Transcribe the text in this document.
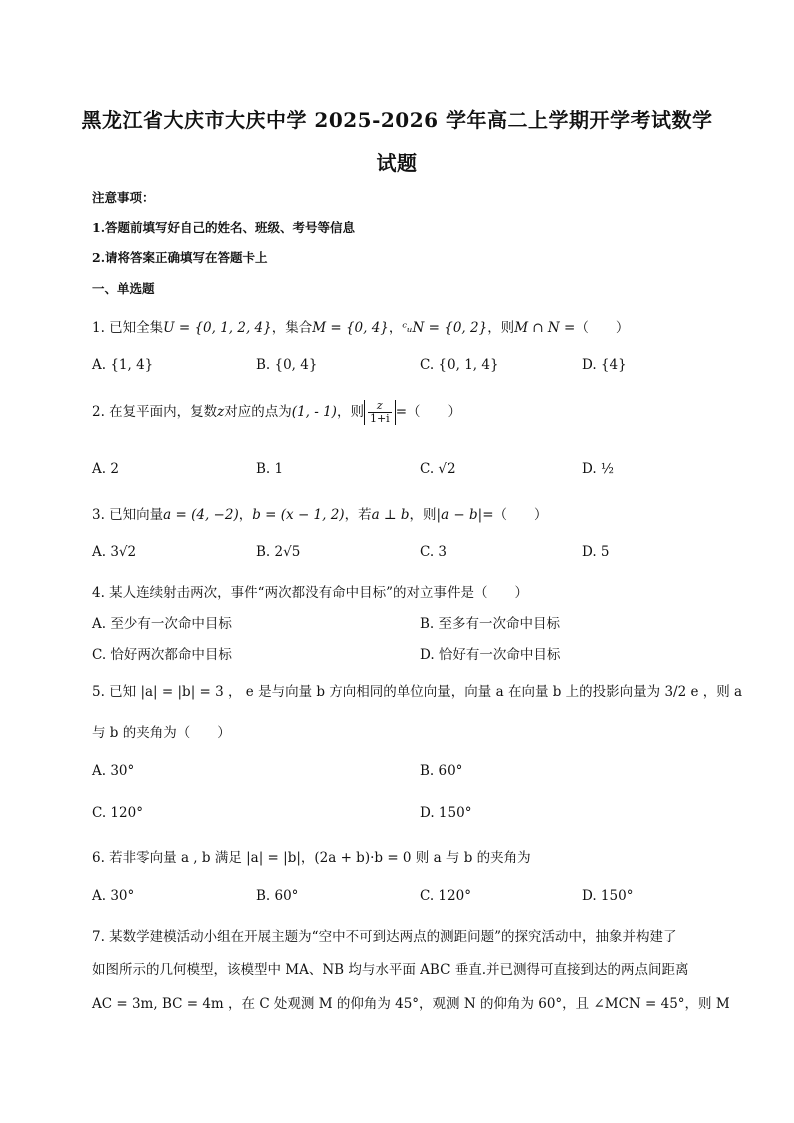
黑龙江省大庆市大庆中学 2025-2026 学年高二上学期开学考试数学
试题
注意事项：
1.答题前填写好自己的姓名、班级、考号等信息
2.请将答案正确填写在答题卡上
一、单选题
1. 已知全集U = {0, 1, 2, 4}，集合M = {0, 4}，ᶜᵤN = {0, 2}，则M ∩ N =（　　）
A. {1, 4}	B. {0, 4}	C. {0, 1, 4}	D. {4}
2. 在复平面内，复数z对应的点为(1, - 1)，则 $\frac{z}{1+i}$ =（　　）
A. 2	B. 1	C. √2	D. ½
3. 已知向量a = (4, −2)，b = (x − 1, 2)，若a ⊥ b，则|a − b|=（　　）
A. 3√2	B. 2√5	C. 3	D. 5
4. 某人连续射击两次，事件“两次都没有命中目标”的对立事件是（　　）
A. 至少有一次命中目标	B. 至多有一次命中目标
C. 恰好两次都命中目标	D. 恰好有一次命中目标
5. 已知 |a| = |b| = 3 ， e 是与向量 b 方向相同的单位向量，向量 a 在向量 b 上的投影向量为 3/2 e ，则 a
与 b 的夹角为（　　）
A. 30°	B. 60°
C. 120°	D. 150°
6. 若非零向量 a , b 满足 |a| = |b|，(2a + b)·b = 0 则 a 与 b 的夹角为
A. 30°	B. 60°	C. 120°	D. 150°
7. 某数学建模活动小组在开展主题为“空中不可到达两点的测距问题”的探究活动中，抽象并构建了
如图所示的几何模型，该模型中 MA、NB 均与水平面 ABC 垂直.并已测得可直接到达的两点间距离
AC = 3m, BC = 4m ，在 C 处观测 M 的仰角为 45°，观测 N 的仰角为 60°，且 ∠MCN = 45°，则 M
